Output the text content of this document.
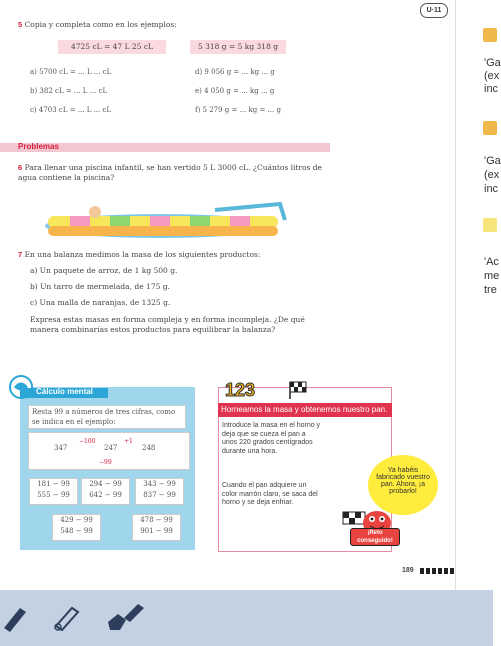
U·11
5 Copia y completa como en los ejemplos:
4725 cL = 47 L 25 cL	5 318 g = 5 kg 318 g
a) 5700 cL = ... L ... cL
b) 382 cL = ... L ... cL
c) 4703 cL = ... L ... cL
d) 9 056 g = ... kg ... g
e) 4 050 g = ... kg ... g
f) 5 279 g = ... kg = ... g
Problemas
6 Para llenar una piscina infantil, se han vertido 5 L 3000 cL. ¿Cuántos litros de agua contiene la piscina?
7 En una balanza medimos la masa de los siguientes productos:
a) Un paquete de arroz, de 1 kg 500 g.
b) Un tarro de mermelada, de 175 g.
c) Una malla de naranjas, de 1325 g.
Expresa estas masas en forma compleja y en forma incompleja. ¿De qué manera combinarías estos productos para equilibrar la balanza?
Cálculo mental
Resta 99 a números de tres cifras, como se indica en el ejemplo:
347
−100
247
+1
248
−99
181 − 99
555 − 99
294 − 99
642 − 99
343 − 99
837 − 99
429 − 99
548 − 99
478 − 99
901 − 99
123
Horneamos la masa y obtenemos nuestro pan.
Introduce la masa en el horno y deja que se cueza el pan a unos 220 grados centígrados durante una hora.
Cuando el pan adquiere un color marrón claro, se saca del horno y se deja enfriar.
Ya habéis fabricado vuestro pan. Ahora, ¡a probarlo!
¡Reto conseguido!
189
'Ga
(ex
inc
'Ga
(ex
inc
'Ac
me
tre
